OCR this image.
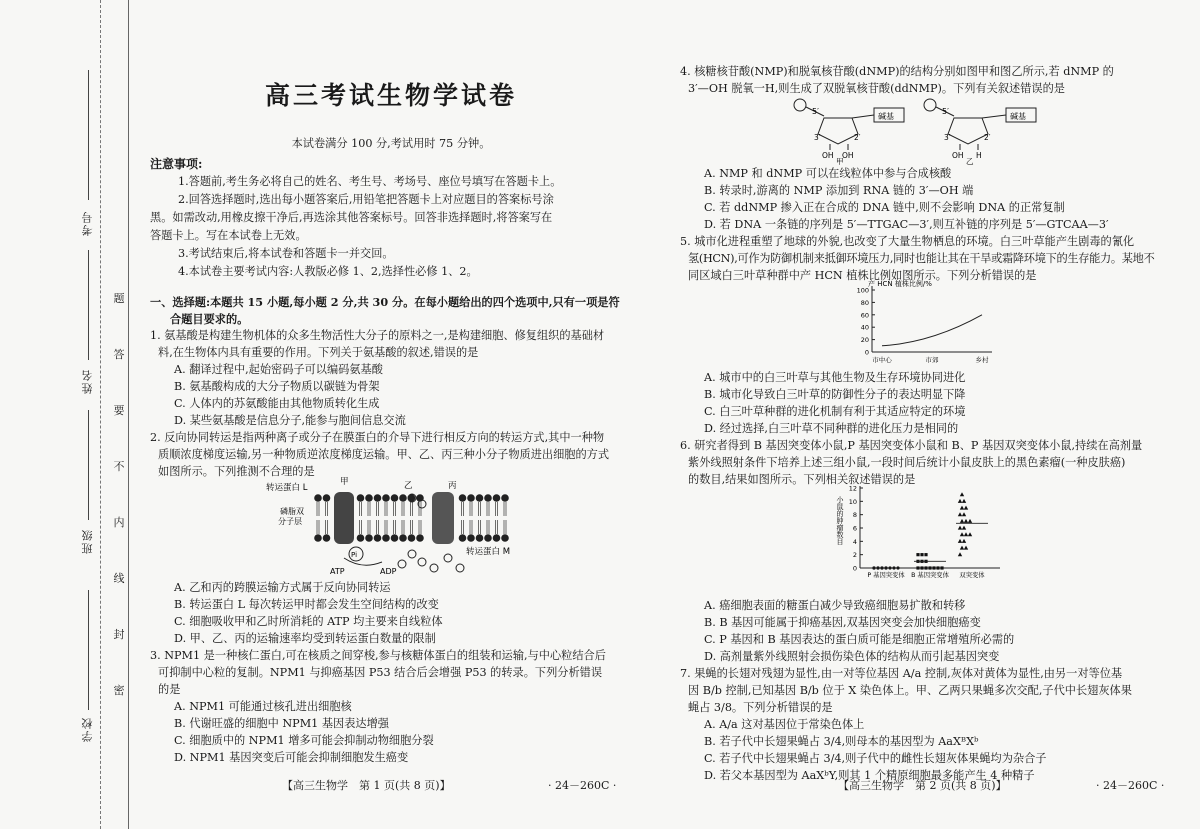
考号
姓名
班级
学校
题
答
要
不
内
线
封
密
高三考试生物学试卷

本试卷满分 100 分,考试用时 75 分钟。

注意事项:

1.答题前,考生务必将自己的姓名、考生号、考场号、座位号填写在答题卡上。

2.回答选择题时,选出每小题答案后,用铅笔把答题卡上对应题目的答案标号涂

黑。如需改动,用橡皮擦干净后,再选涂其他答案标号。回答非选择题时,将答案写在

答题卡上。写在本试卷上无效。

3.考试结束后,将本试卷和答题卡一并交回。

4.本试卷主要考试内容:人教版必修 1、2,选择性必修 1、2。

一、选择题:本题共 15 小题,每小题 2 分,共 30 分。在每小题给出的四个选项中,只有一项是符

合题目要求的。

1. 氨基酸是构建生物机体的众多生物活性大分子的原料之一,是构建细胞、修复组织的基础材

料,在生物体内具有重要的作用。下列关于氨基酸的叙述,错误的是

A. 翻译过程中,起始密码子可以编码氨基酸

B. 氨基酸构成的大分子物质以碳链为骨架

C. 人体内的苏氨酸能由其他物质转化生成

D. 某些氨基酸是信息分子,能参与胞间信息交流

2. 反向协同转运是指两种离子或分子在膜蛋白的介导下进行相反方向的转运方式,其中一种物

质顺浓度梯度运输,另一种物质逆浓度梯度运输。甲、乙、丙三种小分子物质进出细胞的方式

如图所示。下列推测不合理的是

A. 乙和丙的跨膜运输方式属于反向协同转运

B. 转运蛋白 L 每次转运甲时都会发生空间结构的改变

C. 细胞吸收甲和乙时所消耗的 ATP 均主要来自线粒体

D. 甲、乙、丙的运输速率均受到转运蛋白数量的限制

3. NPM1 是一种核仁蛋白,可在核质之间穿梭,参与核糖体蛋白的组装和运输,与中心粒结合后

可抑制中心粒的复制。NPM1 与抑癌基因 P53 结合后会增强 P53 的转录。下列分析错误

的是

A. NPM1 可能通过核孔进出细胞核

B. 代谢旺盛的细胞中 NPM1 基因表达增强

C. 细胞质中的 NPM1 增多可能会抑制动物细胞分裂

D. NPM1 基因突变后可能会抑制细胞发生癌变

转运蛋白 L
磷脂双
分子层
甲	乙	丙
转运蛋白 M
Pi
ATP	ADP

4. 核糖核苷酸(NMP)和脱氧核苷酸(dNMP)的结构分别如图甲和图乙所示,若 dNMP 的

3′—OH 脱氧一H,则生成了双脱氧核苷酸(ddNMP)。下列有关叙述错误的是

A. NMP 和 dNMP 可以在线粒体中参与合成核酸

B. 转录时,游离的 NMP 添加到 RNA 链的 3′—OH 端

C. 若 ddNMP 掺入正在合成的 DNA 链中,则不会影响 DNA 的正常复制

D. 若 DNA 一条链的序列是 5′—TTGAC—3′,则互补链的序列是 5′—GTCAA—3′

5. 城市化进程重塑了地球的外貌,也改变了大量生物栖息的环境。白三叶草能产生剧毒的氰化

氢(HCN),可作为防御机制来抵御环境压力,同时也能让其在干旱或霜降环境下的生存能力。某地不

同区域白三叶草种群中产 HCN 植株比例如图所示。下列分析错误的是

A. 城市中的白三叶草与其他生物及生存环境协同进化

B. 城市化导致白三叶草的防御性分子的表达明显下降

C. 白三叶草种群的进化机制有利于其适应特定的环境

D. 经过选择,白三叶草不同种群的进化压力是相同的

6. 研究者得到 B 基因突变体小鼠,P 基因突变体小鼠和 B、P 基因双突变体小鼠,持续在高剂量

紫外线照射条件下培养上述三组小鼠,一段时间后统计小鼠皮肤上的黑色素瘤(一种皮肤癌)

的数目,结果如图所示。下列相关叙述错误的是

A. 癌细胞表面的糖蛋白减少导致癌细胞易扩散和转移

B. B 基因可能属于抑癌基因,双基因突变会加快细胞癌变

C. P 基因和 B 基因表达的蛋白质可能是细胞正常增殖所必需的

D. 高剂量紫外线照射会损伤染色体的结构从而引起基因突变

7. 果蝇的长翅对残翅为显性,由一对等位基因 A/a 控制,灰体对黄体为显性,由另一对等位基

因 B/b 控制,已知基因 B/b 位于 X 染色体上。甲、乙两只果蝇多次交配,子代中长翅灰体果

蝇占 3/8。下列分析错误的是

A. A/a 这对基因位于常染色体上

B. 若子代中长翅果蝇占 3/4,则母本的基因型为 AaXᴮXᵇ

C. 若子代中长翅果蝇占 3/4,则子代中的雌性长翅灰体果蝇均为杂合子

D. 若父本基因型为 AaXᵇY,则其 1 个精原细胞最多能产生 4 种精子

5′
碱基
3′	2′
OH OH
甲
5′
碱基
3′	2′
OH H
乙
产 HCN 植株比例/%
0
20
40
60
80
100
市中心	市郊	乡村
小鼠的肿瘤数目
0
2
4
6
8
10
12
P 基因突变体 B 基因突变体 双突变体
【高三生物学　第 1 页(共 8 页)】	· 24－260C ·	【高三生物学　第 2 页(共 8 页)】	· 24－260C ·
